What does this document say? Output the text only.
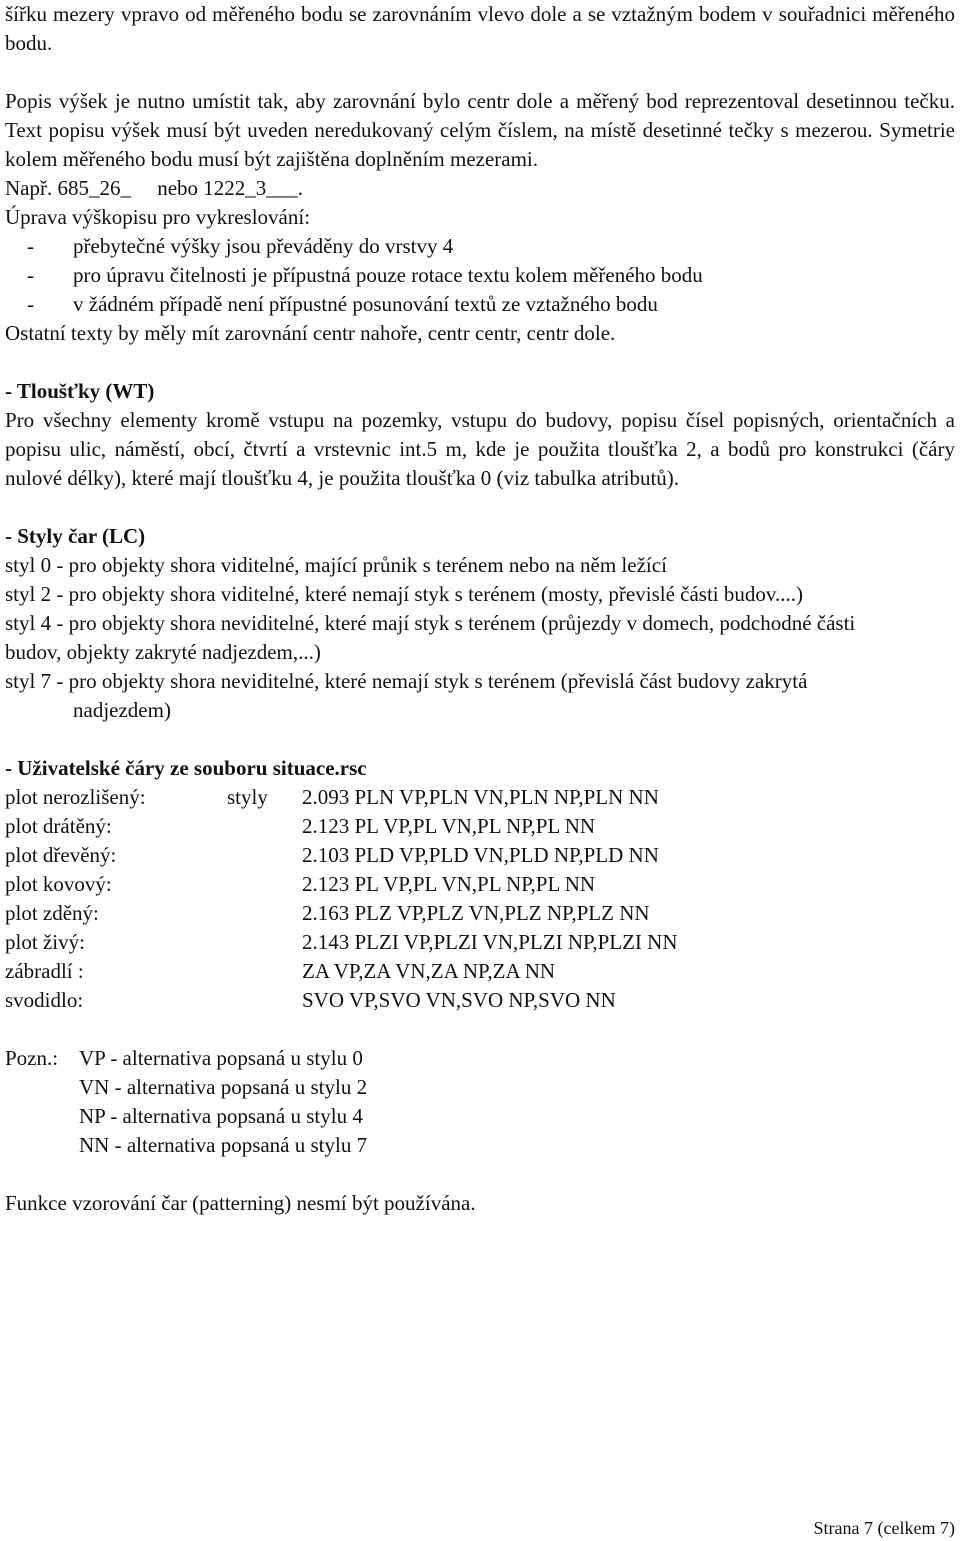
šířku mezery vpravo od měřeného bodu se zarovnáním vlevo dole a se vztažným bodem v souřadnici měřeného bodu.

Popis výšek je nutno umístit tak, aby zarovnání bylo centr dole a měřený bod reprezentoval desetinnou tečku. Text popisu výšek musí být uveden neredukovaný celým číslem, na místě desetinné tečky s mezerou. Symetrie kolem měřeného bodu musí být zajištěna doplněním mezerami.

Např. 685_26_     nebo 1222_3___.

Úprava výškopisu pro vykreslování:

- přebytečné výšky jsou převáděny do vrstvy 4
- pro úpravu čitelnosti je přípustná pouze rotace textu kolem měřeného bodu
- v žádném případě není přípustné posunování textů ze vztažného bodu

Ostatní texty by měly mít zarovnání centr nahoře, centr centr, centr dole.

- Tloušťky (WT)

Pro všechny elementy kromě vstupu na pozemky, vstupu do budovy, popisu čísel popisných, orientačních a popisu ulic, náměstí, obcí, čtvrtí a vrstevnic int.5 m, kde je použita tloušťka 2, a bodů pro konstrukci (čáry nulové délky), které mají tloušťku 4, je použita tloušťka 0 (viz tabulka atributů).

- Styly čar (LC)

styl 0 - pro objekty shora viditelné, mající průnik s terénem nebo na něm ležící

styl 2 - pro objekty shora viditelné, které nemají styk s terénem (mosty, převislé části budov....)

styl 4 - pro objekty shora neviditelné, které mají styk s terénem (průjezdy v domech, podchodné části budov, objekty zakryté nadjezdem,...)

styl 7 - pro objekty shora neviditelné, které nemají styk s terénem (převislá část budovy zakrytá

nadjezdem)

- Uživatelské čáry ze souboru situace.rsc

plot nerozlišený:	styly	2.093 PLN VP,PLN VN,PLN NP,PLN NN
plot drátěný:	2.123 PL VP,PL VN,PL NP,PL NN
plot dřevěný:	2.103 PLD VP,PLD VN,PLD NP,PLD NN
plot kovový:	2.123 PL VP,PL VN,PL NP,PL NN
plot zděný:	2.163 PLZ VP,PLZ VN,PLZ NP,PLZ NN
plot živý:	2.143 PLZI VP,PLZI VN,PLZI NP,PLZI NN
zábradlí :	ZA VP,ZA VN,ZA NP,ZA NN
svodidlo:	SVO VP,SVO VN,SVO NP,SVO NN
Pozn.: VP - alternativa popsaná u stylu 0
VN - alternativa popsaná u stylu 2
NP - alternativa popsaná u stylu 4
NN - alternativa popsaná u stylu 7

Funkce vzorování čar (patterning) nesmí být používána.

Strana 7 (celkem 7)
